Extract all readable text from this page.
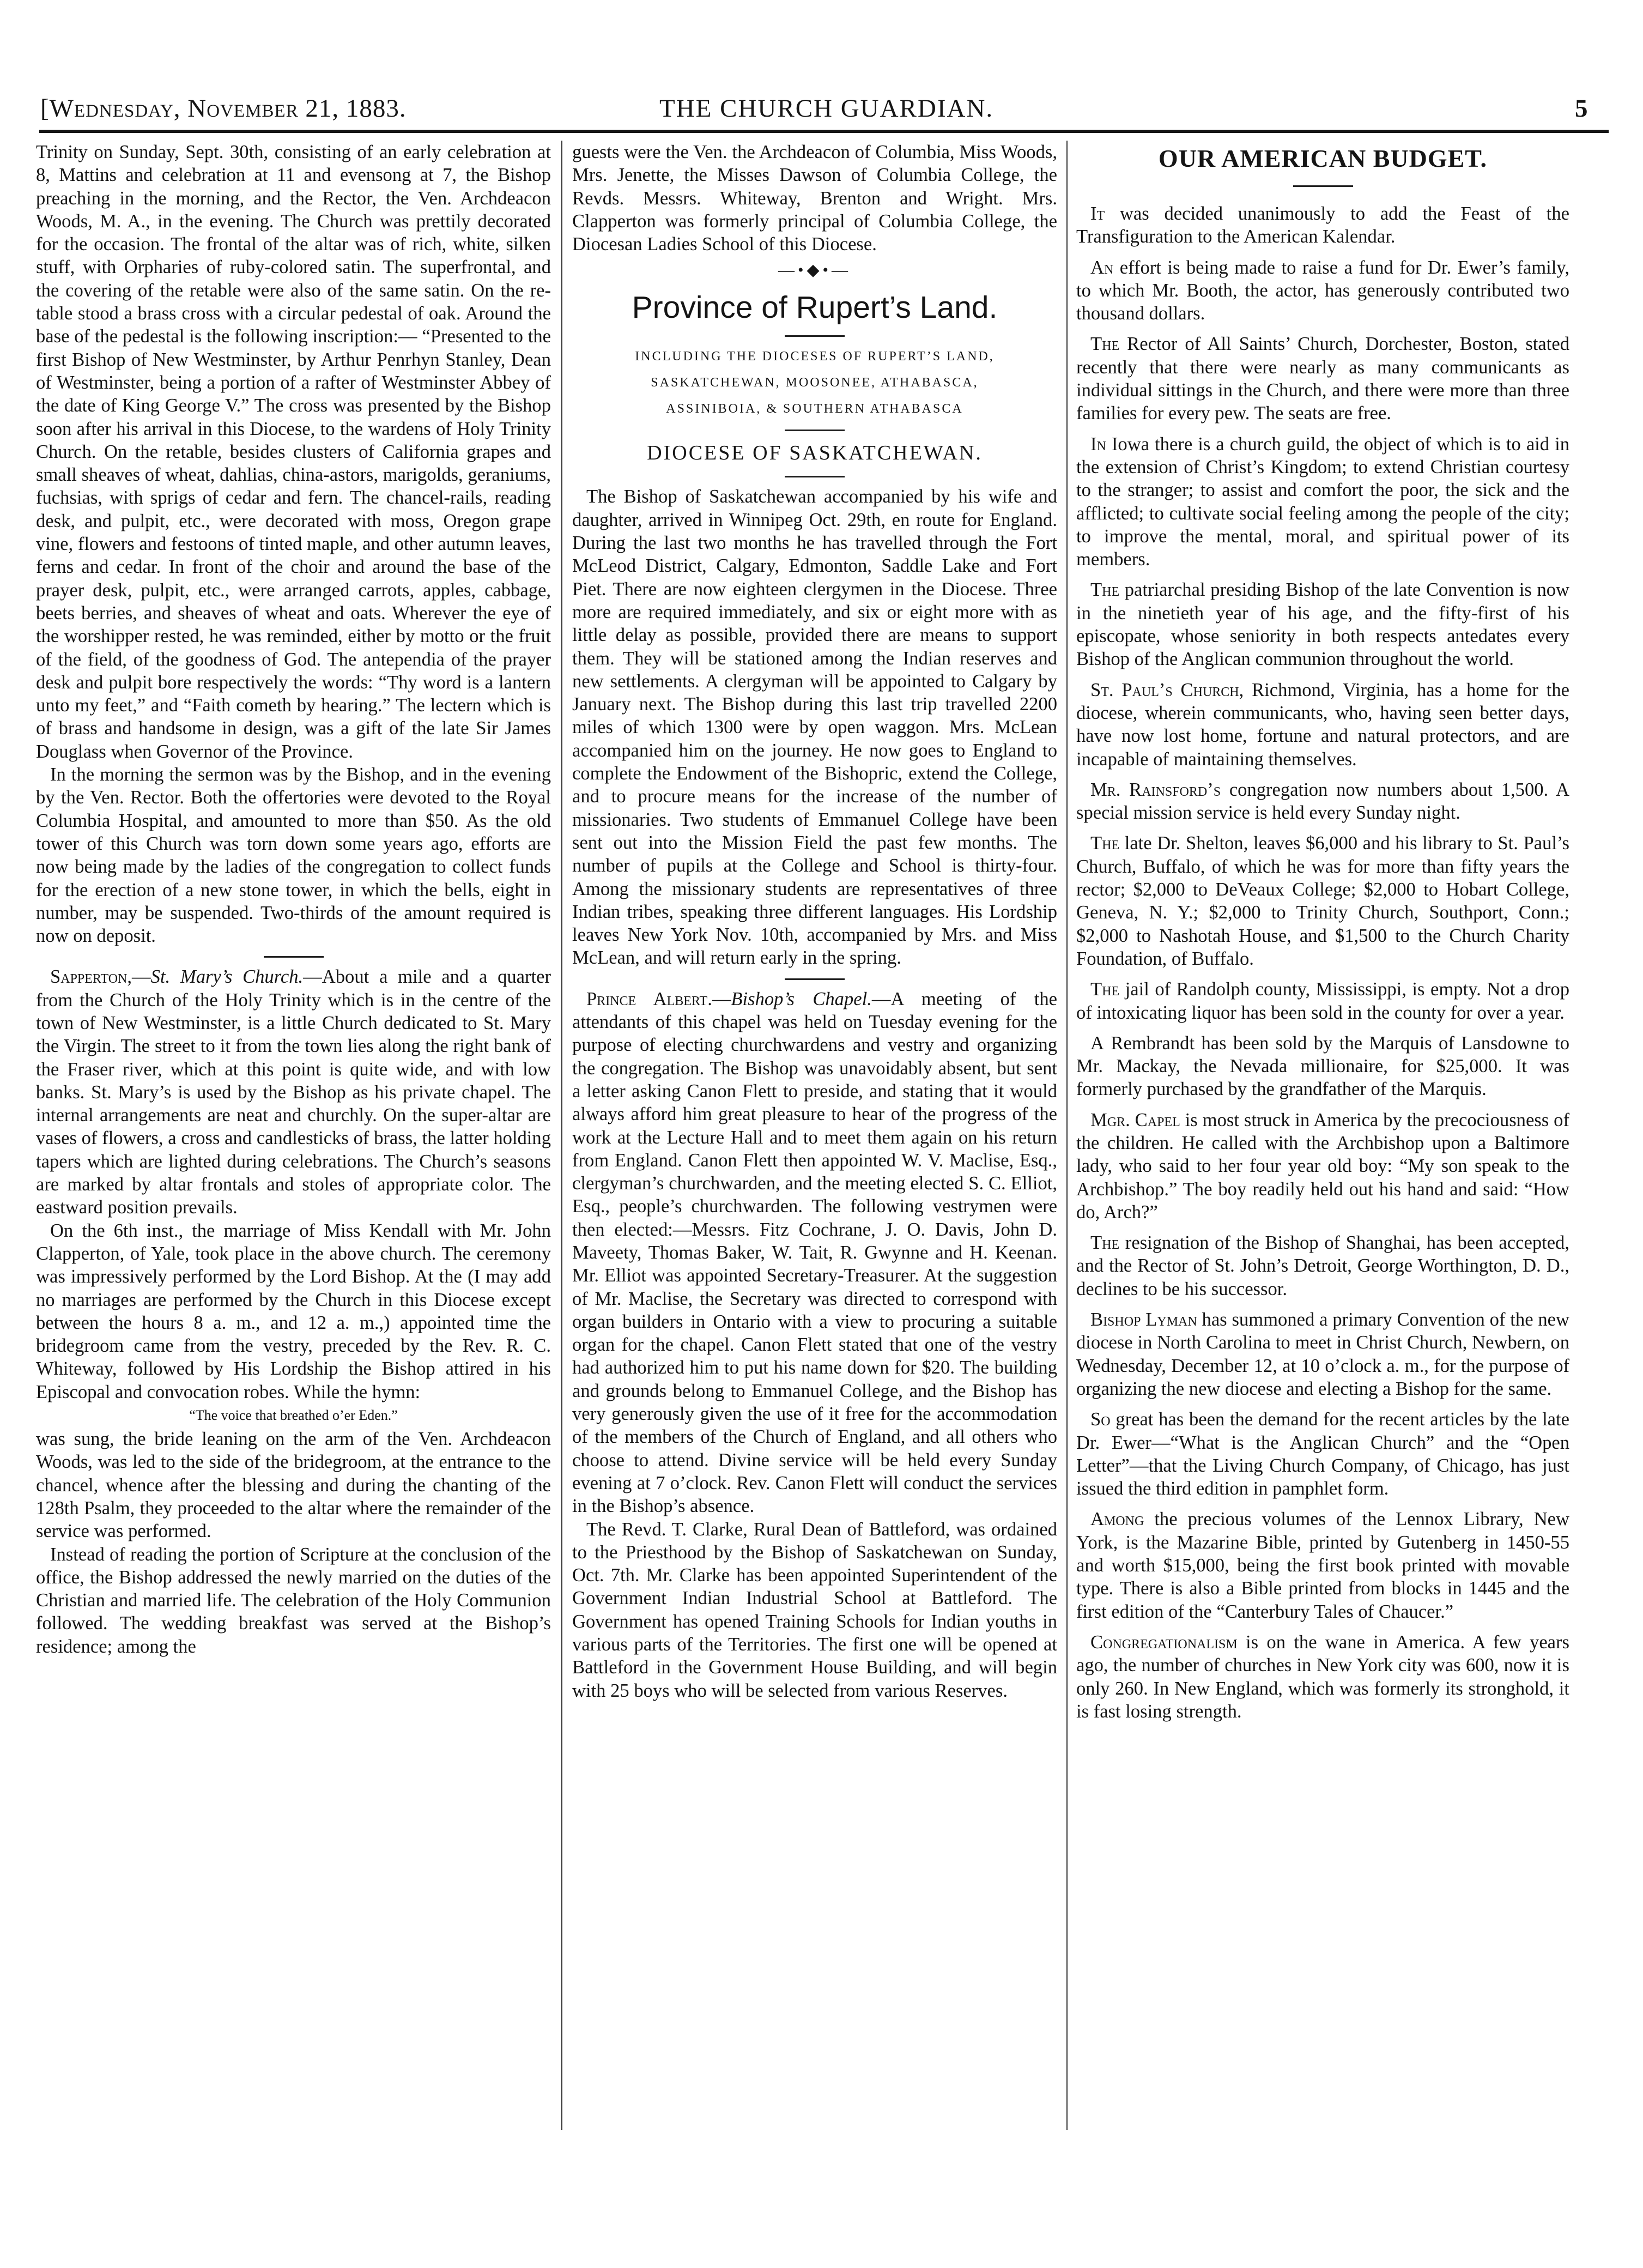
[Wednesday, November 21, 1883.	THE CHURCH GUARDIAN.	5

Trinity on Sunday, Sept. 30th, consisting of an early celebration at 8, Mattins and celebration at 11 and evensong at 7, the Bishop preaching in the morning, and the Rector, the Ven. Archdeacon Woods, M. A., in the evening. The Church was prettily decorated for the occasion. The frontal of the altar was of rich, white, silken stuff, with Orpharies of ruby-colored satin. The superfrontal, and the covering of the retable were also of the same satin. On the re-table stood a brass cross with a circular pedestal of oak. Around the base of the pedestal is the following inscription:— “Presented to the first Bishop of New Westminster, by Arthur Penrhyn Stanley, Dean of Westminster, being a portion of a rafter of Westminster Abbey of the date of King George V.” The cross was presented by the Bishop soon after his arrival in this Diocese, to the wardens of Holy Trinity Church. On the retable, besides clusters of California grapes and small sheaves of wheat, dahlias, china-astors, marigolds, geraniums, fuchsias, with sprigs of cedar and fern. The chancel-rails, reading desk, and pulpit, etc., were decorated with moss, Oregon grape vine, flowers and festoons of tinted maple, and other autumn leaves, ferns and cedar. In front of the choir and around the base of the prayer desk, pulpit, etc., were arranged carrots, apples, cabbage, beets berries, and sheaves of wheat and oats. Wherever the eye of the worshipper rested, he was reminded, either by motto or the fruit of the field, of the goodness of God. The antependia of the prayer desk and pulpit bore respectively the words: “Thy word is a lantern unto my feet,” and “Faith cometh by hearing.” The lectern which is of brass and handsome in design, was a gift of the late Sir James Douglass when Governor of the Province.

In the morning the sermon was by the Bishop, and in the evening by the Ven. Rector. Both the offertories were devoted to the Royal Columbia Hospital, and amounted to more than $50. As the old tower of this Church was torn down some years ago, efforts are now being made by the ladies of the congregation to collect funds for the erection of a new stone tower, in which the bells, eight in number, may be suspended. Two-thirds of the amount required is now on deposit.

Sapperton,—St. Mary’s Church.—About a mile and a quarter from the Church of the Holy Trinity which is in the centre of the town of New Westminster, is a little Church dedicated to St. Mary the Virgin. The street to it from the town lies along the right bank of the Fraser river, which at this point is quite wide, and with low banks. St. Mary’s is used by the Bishop as his private chapel. The internal arrangements are neat and churchly. On the super-altar are vases of flowers, a cross and candlesticks of brass, the latter holding tapers which are lighted during celebrations. The Church’s seasons are marked by altar frontals and stoles of appropriate color. The eastward position prevails.

On the 6th inst., the marriage of Miss Kendall with Mr. John Clapperton, of Yale, took place in the above church. The ceremony was impressively performed by the Lord Bishop. At the (I may add no marriages are performed by the Church in this Diocese except between the hours 8 a. m., and 12 a. m.,) appointed time the bridegroom came from the vestry, preceded by the Rev. R. C. Whiteway, followed by His Lordship the Bishop attired in his Episcopal and convocation robes. While the hymn:

“The voice that breathed o’er Eden.”

was sung, the bride leaning on the arm of the Ven. Archdeacon Woods, was led to the side of the bridegroom, at the entrance to the chancel, whence after the blessing and during the chanting of the 128th Psalm, they proceeded to the altar where the remainder of the service was performed.

Instead of reading the portion of Scripture at the conclusion of the office, the Bishop addressed the newly married on the duties of the Christian and married life. The celebration of the Holy Communion followed. The wedding breakfast was served at the Bishop’s residence; among the

guests were the Ven. the Archdeacon of Columbia, Miss Woods, Mrs. Jenette, the Misses Dawson of Columbia College, the Revds. Messrs. Whiteway, Brenton and Wright. Mrs. Clapperton was formerly principal of Columbia College, the Diocesan Ladies School of this Diocese.

—•◆•—
Province of Rupert’s Land.
INCLUDING THE DIOCESES OF RUPERT’S LAND,
SASKATCHEWAN, MOOSONEE, ATHABASCA,
ASSINIBOIA, & SOUTHERN ATHABASCA
DIOCESE OF SASKATCHEWAN.

The Bishop of Saskatchewan accompanied by his wife and daughter, arrived in Winnipeg Oct. 29th, en route for England. During the last two months he has travelled through the Fort McLeod District, Calgary, Edmonton, Saddle Lake and Fort Piet. There are now eighteen clergymen in the Diocese. Three more are required immediately, and six or eight more with as little delay as possible, provided there are means to support them. They will be stationed among the Indian reserves and new settlements. A clergyman will be appointed to Calgary by January next. The Bishop during this last trip travelled 2200 miles of which 1300 were by open waggon. Mrs. McLean accompanied him on the journey. He now goes to England to complete the Endowment of the Bishopric, extend the College, and to procure means for the increase of the number of missionaries. Two students of Emmanuel College have been sent out into the Mission Field the past few months. The number of pupils at the College and School is thirty-four. Among the missionary students are representatives of three Indian tribes, speaking three different languages. His Lordship leaves New York Nov. 10th, accompanied by Mrs. and Miss McLean, and will return early in the spring.

Prince Albert.—Bishop’s Chapel.—A meeting of the attendants of this chapel was held on Tuesday evening for the purpose of electing churchwardens and vestry and organizing the congregation. The Bishop was unavoidably absent, but sent a letter asking Canon Flett to preside, and stating that it would always afford him great pleasure to hear of the progress of the work at the Lecture Hall and to meet them again on his return from England. Canon Flett then appointed W. V. Maclise, Esq., clergyman’s churchwarden, and the meeting elected S. C. Elliot, Esq., people’s churchwarden. The following vestrymen were then elected:—Messrs. Fitz Cochrane, J. O. Davis, John D. Maveety, Thomas Baker, W. Tait, R. Gwynne and H. Keenan. Mr. Elliot was appointed Secretary-Treasurer. At the suggestion of Mr. Maclise, the Secretary was directed to correspond with organ builders in Ontario with a view to procuring a suitable organ for the chapel. Canon Flett stated that one of the vestry had authorized him to put his name down for $20. The building and grounds belong to Emmanuel College, and the Bishop has very generously given the use of it free for the accommodation of the members of the Church of England, and all others who choose to attend. Divine service will be held every Sunday evening at 7 o’clock. Rev. Canon Flett will conduct the services in the Bishop’s absence.

The Revd. T. Clarke, Rural Dean of Battleford, was ordained to the Priesthood by the Bishop of Saskatchewan on Sunday, Oct. 7th. Mr. Clarke has been appointed Superintendent of the Government Indian Industrial School at Battleford. The Government has opened Training Schools for Indian youths in various parts of the Territories. The first one will be opened at Battleford in the Government House Building, and will begin with 25 boys who will be selected from various Reserves.

OUR AMERICAN BUDGET.

It was decided unanimously to add the Feast of the Transfiguration to the American Kalendar.

An effort is being made to raise a fund for Dr. Ewer’s family, to which Mr. Booth, the actor, has generously contributed two thousand dollars.

The Rector of All Saints’ Church, Dorchester, Boston, stated recently that there were nearly as many communicants as individual sittings in the Church, and there were more than three families for every pew. The seats are free.

In Iowa there is a church guild, the object of which is to aid in the extension of Christ’s Kingdom; to extend Christian courtesy to the stranger; to assist and comfort the poor, the sick and the afflicted; to cultivate social feeling among the people of the city; to improve the mental, moral, and spiritual power of its members.

The patriarchal presiding Bishop of the late Convention is now in the ninetieth year of his age, and the fifty-first of his episcopate, whose seniority in both respects antedates every Bishop of the Anglican communion throughout the world.

St. Paul’s Church, Richmond, Virginia, has a home for the diocese, wherein communicants, who, having seen better days, have now lost home, fortune and natural protectors, and are incapable of maintaining themselves.

Mr. Rainsford’s congregation now numbers about 1,500. A special mission service is held every Sunday night.

The late Dr. Shelton, leaves $6,000 and his library to St. Paul’s Church, Buffalo, of which he was for more than fifty years the rector; $2,000 to DeVeaux College; $2,000 to Hobart College, Geneva, N. Y.; $2,000 to Trinity Church, Southport, Conn.; $2,000 to Nashotah House, and $1,500 to the Church Charity Foundation, of Buffalo.

The jail of Randolph county, Mississippi, is empty. Not a drop of intoxicating liquor has been sold in the county for over a year.

A Rembrandt has been sold by the Marquis of Lansdowne to Mr. Mackay, the Nevada millionaire, for $25,000. It was formerly purchased by the grandfather of the Marquis.

Mgr. Capel is most struck in America by the precociousness of the children. He called with the Archbishop upon a Baltimore lady, who said to her four year old boy: “My son speak to the Archbishop.” The boy readily held out his hand and said: “How do, Arch?”

The resignation of the Bishop of Shanghai, has been accepted, and the Rector of St. John’s Detroit, George Worthington, D. D., declines to be his successor.

Bishop Lyman has summoned a primary Convention of the new diocese in North Carolina to meet in Christ Church, Newbern, on Wednesday, December 12, at 10 o’clock a. m., for the purpose of organizing the new diocese and electing a Bishop for the same.

So great has been the demand for the recent articles by the late Dr. Ewer—“What is the Anglican Church” and the “Open Letter”—that the Living Church Company, of Chicago, has just issued the third edition in pamphlet form.

Among the precious volumes of the Lennox Library, New York, is the Mazarine Bible, printed by Gutenberg in 1450-55 and worth $15,000, being the first book printed with movable type. There is also a Bible printed from blocks in 1445 and the first edition of the “Canterbury Tales of Chaucer.”

Congregationalism is on the wane in America. A few years ago, the number of churches in New York city was 600, now it is only 260. In New England, which was formerly its stronghold, it is fast losing strength.
